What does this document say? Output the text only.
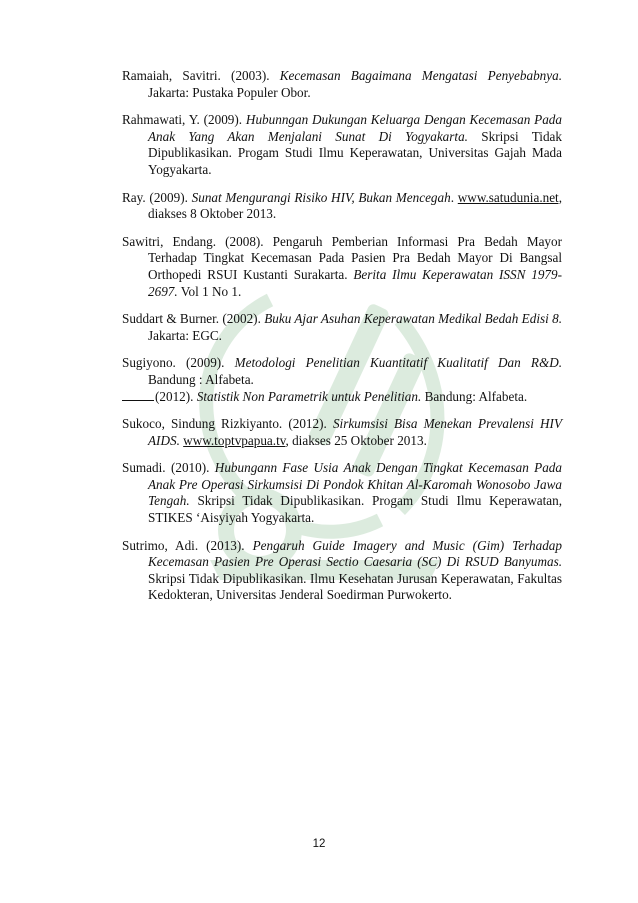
Ramaiah, Savitri. (2003). Kecemasan Bagaimana Mengatasi Penyebabnya. Jakarta: Pustaka Populer Obor.

Rahmawati, Y. (2009). Hubunngan Dukungan Keluarga Dengan Kecemasan Pada Anak Yang Akan Menjalani Sunat Di Yogyakarta. Skripsi Tidak Dipublikasikan. Progam Studi Ilmu Keperawatan, Universitas Gajah Mada Yogyakarta.

Ray. (2009). Sunat Mengurangi Risiko HIV, Bukan Mencegah. www.satudunia.net, diakses 8 Oktober 2013.

Sawitri, Endang. (2008). Pengaruh Pemberian Informasi Pra Bedah Mayor Terhadap Tingkat Kecemasan Pada Pasien Pra Bedah Mayor Di Bangsal Orthopedi RSUI Kustanti Surakarta. Berita Ilmu Keperawatan ISSN 1979-2697. Vol 1 No 1.

Suddart & Burner. (2002). Buku Ajar Asuhan Keperawatan Medikal Bedah Edisi 8. Jakarta: EGC.

Sugiyono. (2009). Metodologi Penelitian Kuantitatif Kualitatif Dan R&D. Bandung : Alfabeta.

(2012). Statistik Non Parametrik untuk Penelitian. Bandung: Alfabeta.

Sukoco, Sindung Rizkiyanto. (2012). Sirkumsisi Bisa Menekan Prevalensi HIV AIDS. www.toptvpapua.tv, diakses 25 Oktober 2013.

Sumadi. (2010). Hubungann Fase Usia Anak Dengan Tingkat Kecemasan Pada Anak Pre Operasi Sirkumsisi Di Pondok Khitan Al-Karomah Wonosobo Jawa Tengah. Skripsi Tidak Dipublikasikan. Progam Studi Ilmu Keperawatan, STIKES ‘Aisyiyah Yogyakarta.

Sutrimo, Adi. (2013). Pengaruh Guide Imagery and Music (Gim) Terhadap Kecemasan Pasien Pre Operasi Sectio Caesaria (SC) Di RSUD Banyumas. Skripsi Tidak Dipublikasikan. Ilmu Kesehatan Jurusan Keperawatan, Fakultas Kedokteran, Universitas Jenderal Soedirman Purwokerto.

12
